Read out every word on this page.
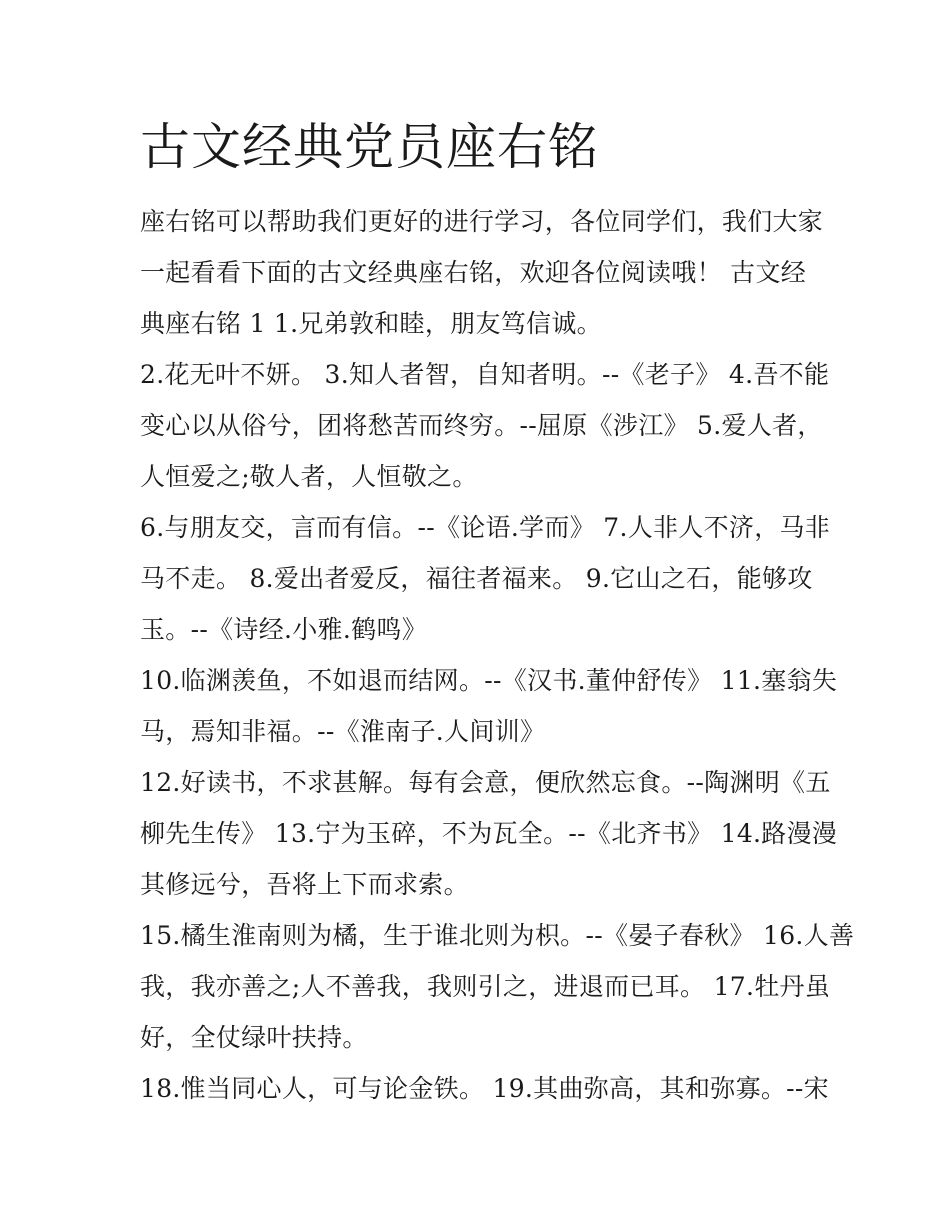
古文经典党员座右铭
座右铭可以帮助我们更好的进行学习，各位同学们，我们大家
一起看看下面的古文经典座右铭，欢迎各位阅读哦！ 古文经
典座右铭 1 1.兄弟敦和睦，朋友笃信诚。
2.花无叶不妍。 3.知人者智，自知者明。--《老子》 4.吾不能
变心以从俗兮，团将愁苦而终穷。--屈原《涉江》 5.爱人者，
人恒爱之;敬人者，人恒敬之。
6.与朋友交，言而有信。--《论语.学而》 7.人非人不济，马非
马不走。 8.爱出者爱反，福往者福来。 9.它山之石，能够攻
玉。--《诗经.小雅.鹤鸣》
10.临渊羡鱼，不如退而结网。--《汉书.董仲舒传》 11.塞翁失
马，焉知非福。--《淮南子.人间训》
12.好读书，不求甚解。每有会意，便欣然忘食。--陶渊明《五
柳先生传》 13.宁为玉碎，不为瓦全。--《北齐书》 14.路漫漫
其修远兮，吾将上下而求索。
15.橘生淮南则为橘，生于谁北则为枳。--《晏子春秋》 16.人善
我，我亦善之;人不善我，我则引之，进退而已耳。 17.牡丹虽
好，全仗绿叶扶持。
18.惟当同心人，可与论金铁。 19.其曲弥高，其和弥寡。--宋
